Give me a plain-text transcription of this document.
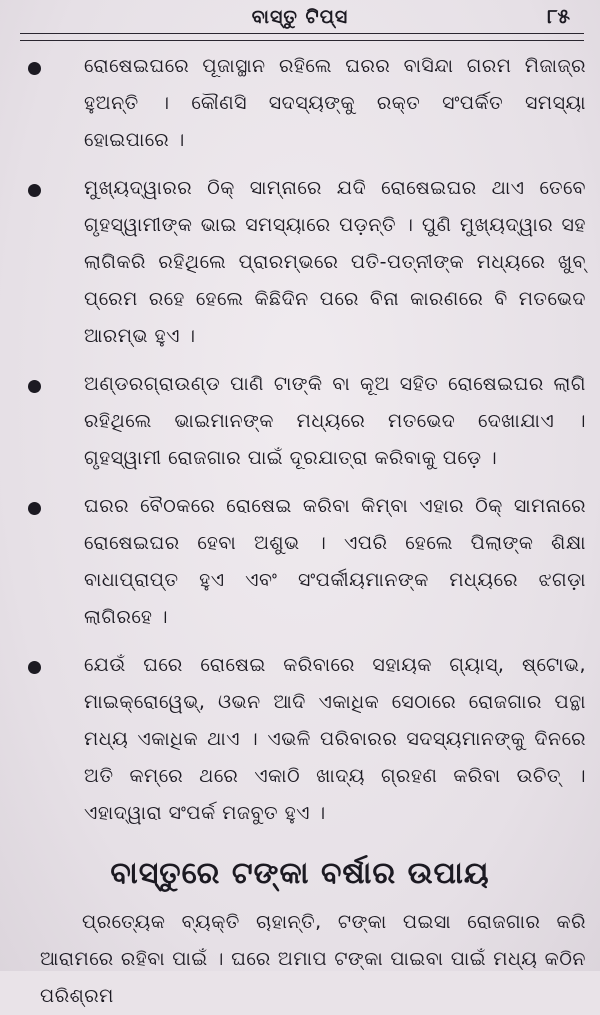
ବାସ୍ତୁ ଟିପ୍ସ	୮୫
ରୋଷେଇଘରେ ପୂଜାସ୍ଥାନ ରହିଲେ ଘରର ବାସିନ୍ଦା ଗରମ ମିଜାଜ୍‌ର ହୁଅନ୍ତି । କୌଣସି ସଦସ୍ୟଙ୍କୁ ରକ୍ତ ସଂପର୍କିତ ସମସ୍ୟା ହୋଇପାରେ ।
ମୁଖ୍ୟଦ୍ୱାରର ଠିକ୍ ସାମ୍‌ନାରେ ଯଦି ରୋଷେଇଘର ଥାଏ ତେବେ ଗୃହସ୍ୱାମୀଙ୍କ ଭାଇ ସମସ୍ୟାରେ ପଡ଼ନ୍ତି । ପୁଣି ମୁଖ୍ୟଦ୍ୱାର ସହ ଲାଗିକରି ରହିଥିଲେ ପ୍ରାରମ୍ଭରେ ପତି-ପତ୍ନୀଙ୍କ ମଧ୍ୟରେ ଖୁବ୍ ପ୍ରେମ ରହେ ହେଲେ କିଛିଦିନ ପରେ ବିନା କାରଣରେ ବି ମତଭେଦ ଆରମ୍ଭ ହୁଏ ।
ଅଣ୍ଡରଗ୍ରାଉଣ୍ଡ ପାଣି ଟାଙ୍କି ବା କୂଅ ସହିତ ରୋଷେଇଘର ଲାଗି ରହିଥିଲେ ଭାଇମାନଙ୍କ ମଧ୍ୟରେ ମତଭେଦ ଦେଖାଯାଏ । ଗୃହସ୍ୱାମୀ ରୋଜଗାର ପାଇଁ ଦୂରଯାତ୍ରା କରିବାକୁ ପଡ଼େ ।
ଘରର ବୈଠକରେ ରୋଷେଇ କରିବା କିମ୍ବା ଏହାର ଠିକ୍ ସାମନାରେ ରୋଷେଇଘର ହେବା ଅଶୁଭ । ଏପରି ହେଲେ ପିଲାଙ୍କ ଶିକ୍ଷା ବାଧାପ୍ରାପ୍ତ ହୁଏ ଏବଂ ସଂପର୍କୀୟମାନଙ୍କ ମଧ୍ୟରେ ଝଗଡ଼ା ଲାଗିରହେ ।
ଯେଉଁ ଘରେ ରୋଷେଇ କରିବାରେ ସହାୟକ ଗ୍ୟାସ୍, ଷ୍ଟୋଭ, ମାଇକ୍ରୋୱେଭ୍, ଓଭନ ଆଦି ଏକାଧିକ ସେଠାରେ ରୋଜଗାର ପନ୍ଥା ମଧ୍ୟ ଏକାଧିକ ଥାଏ । ଏଭଳି ପରିବାରର ସଦସ୍ୟମାନଙ୍କୁ ଦିନରେ ଅତି କମ୍‌ରେ ଥରେ ଏକାଠି ଖାଦ୍ୟ ଗ୍ରହଣ କରିବା ଉଚିତ୍ । ଏହାଦ୍ୱାରା ସଂପର୍କ ମଜବୁତ ହୁଏ ।
ବାସ୍ତୁରେ ଟଙ୍କା ବର୍ଷାର ଉପାୟ
ପ୍ରତ୍ୟେକ ବ୍ୟକ୍ତି ଚାହାନ୍ତି, ଟଙ୍କା ପଇସା ରୋଜଗାର କରି ଆରାମରେ ରହିବା ପାଇଁ । ଘରେ ଅମାପ ଟଙ୍କା ପାଇବା ପାଇଁ ମଧ୍ୟ କଠିନ ପରିଶ୍ରମ
